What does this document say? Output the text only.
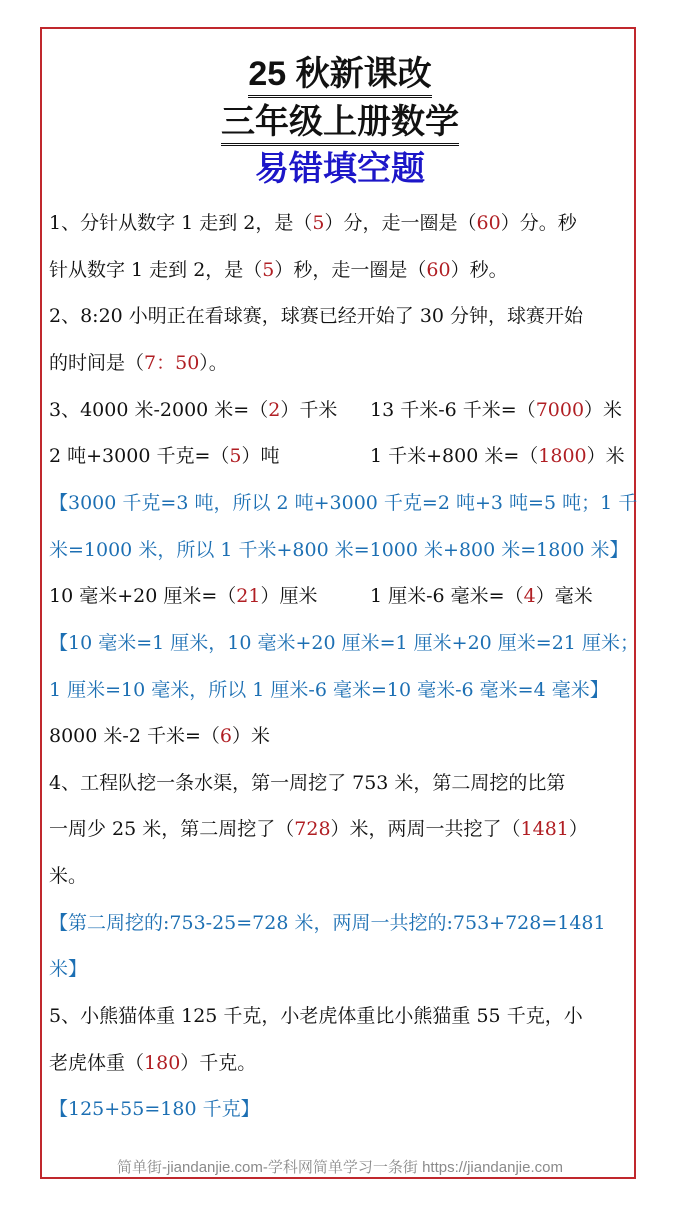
25 秋新课改
三年级上册数学
易错填空题
1、分针从数字 1 走到 2，是（5）分，走一圈是（60）分。秒
针从数字 1 走到 2，是（5）秒，走一圈是（60）秒。
2、8:20 小明正在看球赛，球赛已经开始了 30 分钟，球赛开始
的时间是（7：50）。
3、4000 米-2000 米=（2）千米 13 千米-6 千米=（7000）米
2 吨+3000 千克=（5）吨	1 千米+800 米=（1800）米
【3000 千克=3 吨，所以 2 吨+3000 千克=2 吨+3 吨=5 吨；1 千
米=1000 米，所以 1 千米+800 米=1000 米+800 米=1800 米】
10 毫米+20 厘米=（21）厘米	1 厘米-6 毫米=（4）毫米
【10 毫米=1 厘米，10 毫米+20 厘米=1 厘米+20 厘米=21 厘米；
1 厘米=10 毫米，所以 1 厘米-6 毫米=10 毫米-6 毫米=4 毫米】
8000 米-2 千米=（6）米
4、工程队挖一条水渠，第一周挖了 753 米，第二周挖的比第
一周少 25 米，第二周挖了（728）米，两周一共挖了（1481）
米。
【第二周挖的:753-25=728 米，两周一共挖的:753+728=1481
米】
5、小熊猫体重 125 千克，小老虎体重比小熊猫重 55 千克，小
老虎体重（180）千克。
【125+55=180 千克】
简单街-jiandanjie.com-学科网简单学习一条街 https://jiandanjie.com
